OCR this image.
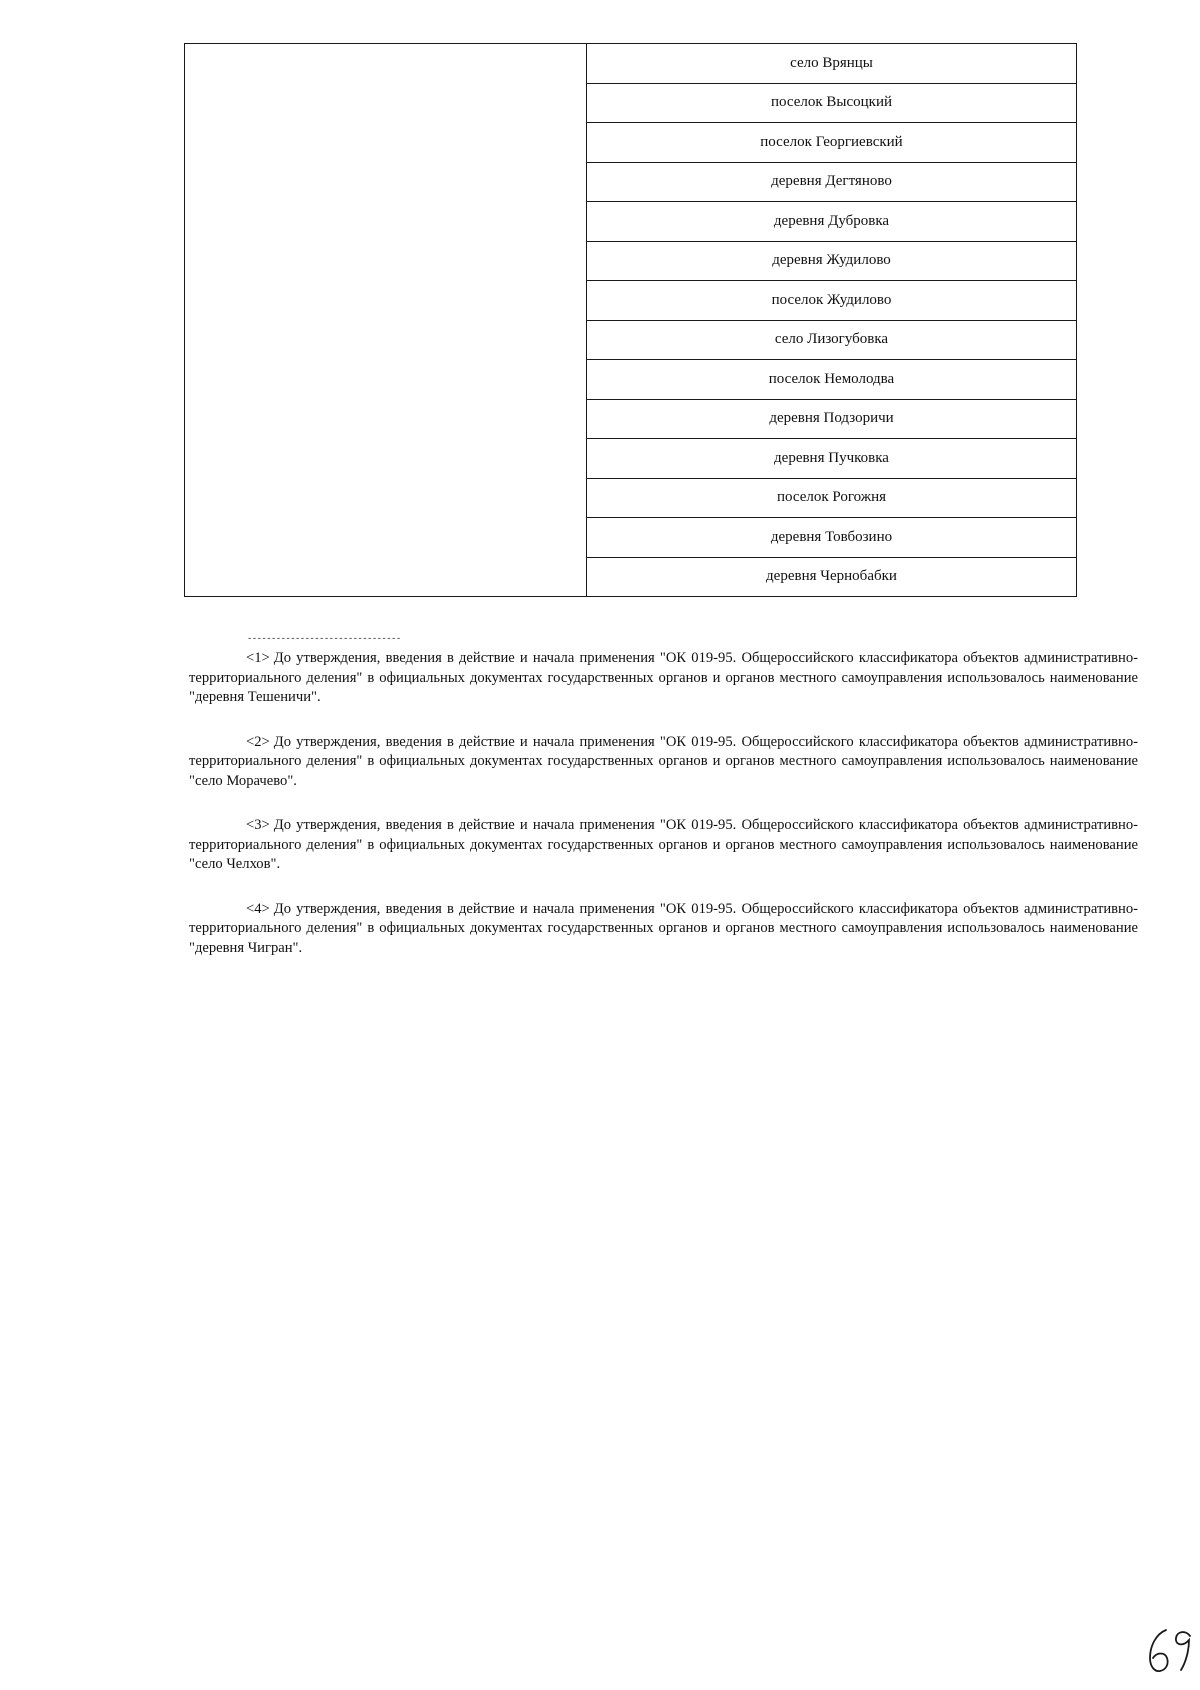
	село Врянцы
поселок Высоцкий
поселок Георгиевский
деревня Дегтяново
деревня Дубровка
деревня Жудилово
поселок Жудилово
село Лизогубовка
поселок Немолодва
деревня Подзоричи
деревня Пучковка
поселок Рогожня
деревня Товбозино
деревня Чернобабки
--------------------------------

<1> До утверждения, введения в действие и начала применения "ОК 019-95. Общероссийского классификатора объектов административно-территориального деления" в официальных документах государственных органов и органов местного самоуправления использовалось наименование "деревня Тешеничи".

<2> До утверждения, введения в действие и начала применения "ОК 019-95. Общероссийского классификатора объектов административно-территориального деления" в официальных документах государственных органов и органов местного самоуправления использовалось наименование "село Морачево".

<3> До утверждения, введения в действие и начала применения "ОК 019-95. Общероссийского классификатора объектов административно-территориального деления" в официальных документах государственных органов и органов местного самоуправления использовалось наименование "село Челхов".

<4> До утверждения, введения в действие и начала применения "ОК 019-95. Общероссийского классификатора объектов административно-территориального деления" в официальных документах государственных органов и органов местного самоуправления использовалось наименование "деревня Чигран".
